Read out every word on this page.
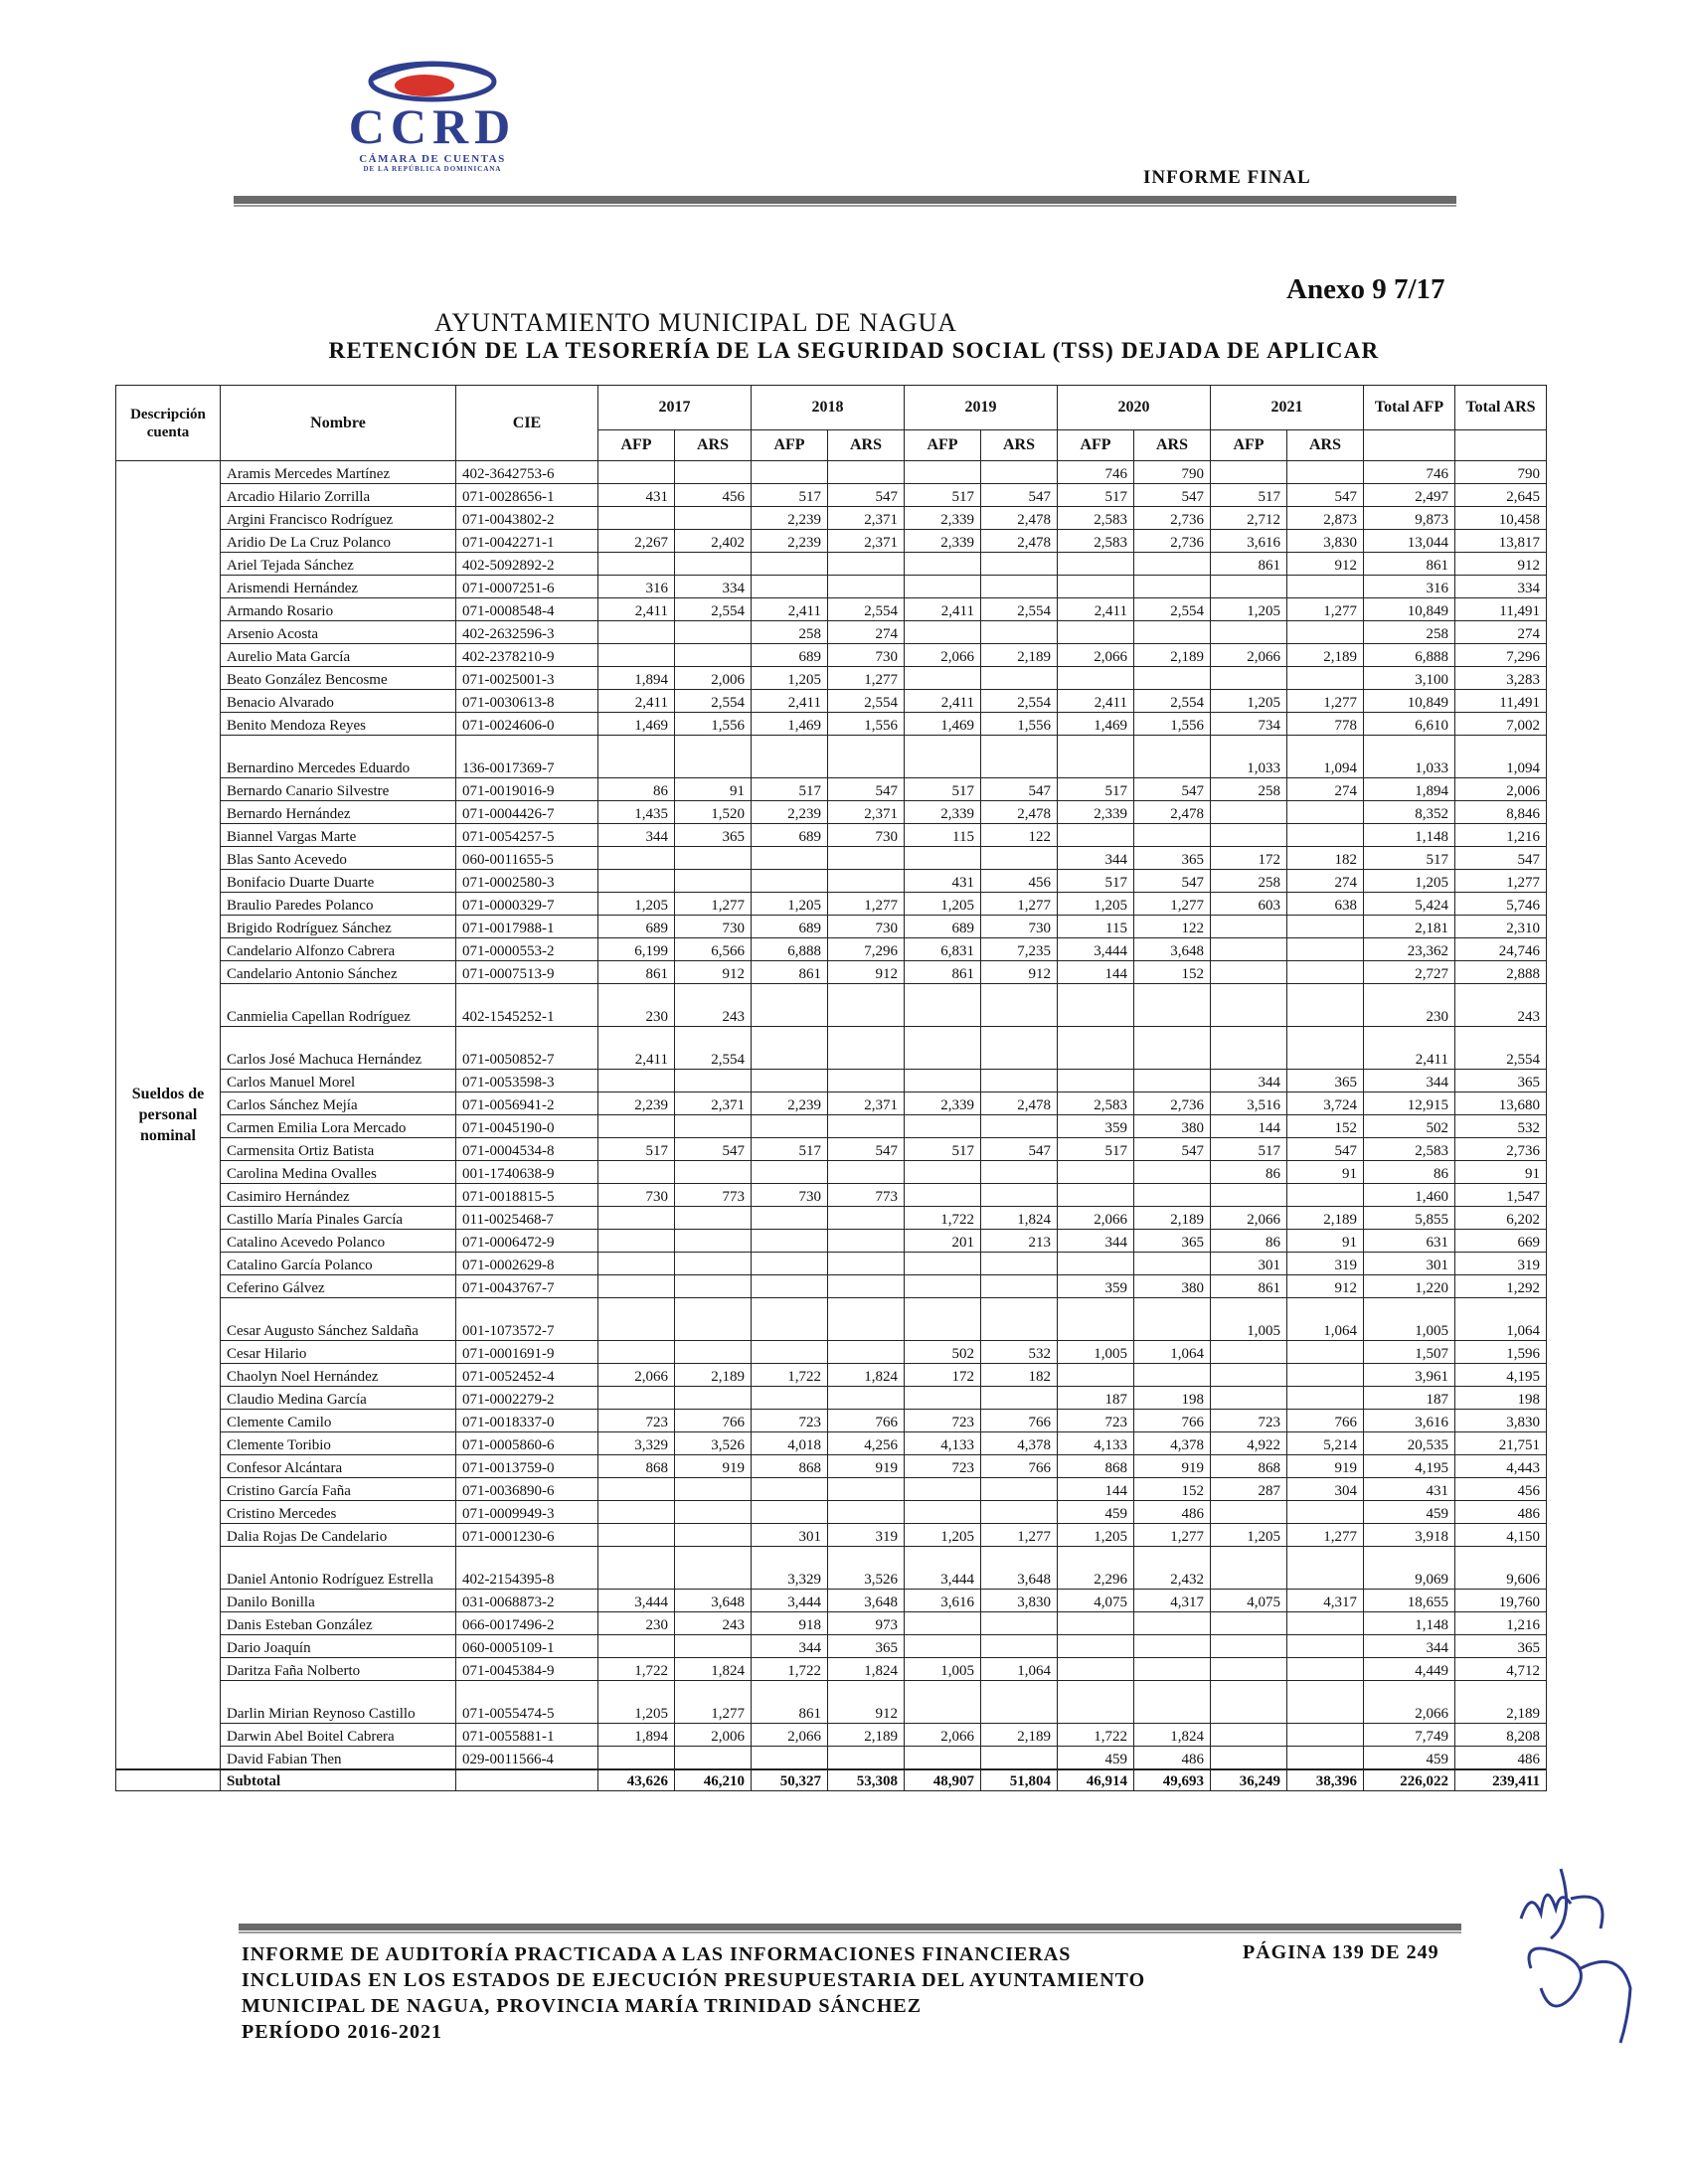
CCRD
CÁMARA DE CUENTAS
DE LA REPÚBLICA DOMINICANA	INFORME FINAL
Anexo 9 7/17
AYUNTAMIENTO MUNICIPAL DE NAGUA
RETENCIÓN DE LA TESORERÍA DE LA SEGURIDAD SOCIAL (TSS) DEJADA DE APLICAR
Descripción cuenta	Nombre	CIE	2017		2018		2019		2020		2021		Total AFP	Total ARS
			AFP	ARS	AFP	ARS	AFP	ARS	AFP	ARS	AFP	ARS		
Sueldos de personal nominal	Aramis Mercedes Martínez	402-3642753-6							746	790			746	790
	Arcadio Hilario Zorrilla	071-0028656-1	431	456	517	547	517	547	517	547	517	547	2,497	2,645
	Argini Francisco Rodríguez	071-0043802-2			2,239	2,371	2,339	2,478	2,583	2,736	2,712	2,873	9,873	10,458
	Aridio De La Cruz Polanco	071-0042271-1	2,267	2,402	2,239	2,371	2,339	2,478	2,583	2,736	3,616	3,830	13,044	13,817
	Ariel Tejada Sánchez	402-5092892-2									861	912	861	912
	Arismendi Hernández	071-0007251-6	316	334									316	334
	Armando Rosario	071-0008548-4	2,411	2,554	2,411	2,554	2,411	2,554	2,411	2,554	1,205	1,277	10,849	11,491
	Arsenio Acosta	402-2632596-3			258	274							258	274
	Aurelio Mata García	402-2378210-9			689	730	2,066	2,189	2,066	2,189	2,066	2,189	6,888	7,296
	Beato González Bencosme	071-0025001-3	1,894	2,006	1,205	1,277							3,100	3,283
	Benacio Alvarado	071-0030613-8	2,411	2,554	2,411	2,554	2,411	2,554	2,411	2,554	1,205	1,277	10,849	11,491
	Benito Mendoza Reyes	071-0024606-0	1,469	1,556	1,469	1,556	1,469	1,556	1,469	1,556	734	778	6,610	7,002
	Bernardino Mercedes Eduardo	136-0017369-7									1,033	1,094	1,033	1,094
	Bernardo Canario Silvestre	071-0019016-9	86	91	517	547	517	547	517	547	258	274	1,894	2,006
	Bernardo Hernández	071-0004426-7	1,435	1,520	2,239	2,371	2,339	2,478	2,339	2,478			8,352	8,846
	Biannel Vargas Marte	071-0054257-5	344	365	689	730	115	122					1,148	1,216
	Blas Santo Acevedo	060-0011655-5							344	365	172	182	517	547
	Bonifacio Duarte Duarte	071-0002580-3					431	456	517	547	258	274	1,205	1,277
	Braulio Paredes Polanco	071-0000329-7	1,205	1,277	1,205	1,277	1,205	1,277	1,205	1,277	603	638	5,424	5,746
	Brigido Rodríguez Sánchez	071-0017988-1	689	730	689	730	689	730	115	122			2,181	2,310
	Candelario Alfonzo Cabrera	071-0000553-2	6,199	6,566	6,888	7,296	6,831	7,235	3,444	3,648			23,362	24,746
	Candelario Antonio Sánchez	071-0007513-9	861	912	861	912	861	912	144	152			2,727	2,888
	Canmielia Capellan Rodríguez	402-1545252-1	230	243									230	243
	Carlos José Machuca Hernández	071-0050852-7	2,411	2,554									2,411	2,554
	Carlos Manuel Morel	071-0053598-3									344	365	344	365
	Carlos Sánchez Mejía	071-0056941-2	2,239	2,371	2,239	2,371	2,339	2,478	2,583	2,736	3,516	3,724	12,915	13,680
	Carmen Emilia Lora Mercado	071-0045190-0							359	380	144	152	502	532
	Carmensita Ortiz Batista	071-0004534-8	517	547	517	547	517	547	517	547	517	547	2,583	2,736
	Carolina Medina Ovalles	001-1740638-9									86	91	86	91
	Casimiro Hernández	071-0018815-5	730	773	730	773							1,460	1,547
	Castillo María Pinales García	011-0025468-7					1,722	1,824	2,066	2,189	2,066	2,189	5,855	6,202
	Catalino Acevedo Polanco	071-0006472-9					201	213	344	365	86	91	631	669
	Catalino García Polanco	071-0002629-8									301	319	301	319
	Ceferino Gálvez	071-0043767-7							359	380	861	912	1,220	1,292
	Cesar Augusto Sánchez Saldaña	001-1073572-7									1,005	1,064	1,005	1,064
	Cesar Hilario	071-0001691-9					502	532	1,005	1,064			1,507	1,596
	Chaolyn Noel Hernández	071-0052452-4	2,066	2,189	1,722	1,824	172	182					3,961	4,195
	Claudio Medina García	071-0002279-2							187	198			187	198
	Clemente Camilo	071-0018337-0	723	766	723	766	723	766	723	766	723	766	3,616	3,830
	Clemente Toribio	071-0005860-6	3,329	3,526	4,018	4,256	4,133	4,378	4,133	4,378	4,922	5,214	20,535	21,751
	Confesor Alcántara	071-0013759-0	868	919	868	919	723	766	868	919	868	919	4,195	4,443
	Cristino García Faña	071-0036890-6							144	152	287	304	431	456
	Cristino Mercedes	071-0009949-3							459	486			459	486
	Dalia Rojas De Candelario	071-0001230-6			301	319	1,205	1,277	1,205	1,277	1,205	1,277	3,918	4,150
	Daniel Antonio Rodríguez Estrella	402-2154395-8			3,329	3,526	3,444	3,648	2,296	2,432			9,069	9,606
	Danilo Bonilla	031-0068873-2	3,444	3,648	3,444	3,648	3,616	3,830	4,075	4,317	4,075	4,317	18,655	19,760
	Danis Esteban González	066-0017496-2	230	243	918	973							1,148	1,216
	Dario Joaquín	060-0005109-1			344	365							344	365
	Daritza Faña Nolberto	071-0045384-9	1,722	1,824	1,722	1,824	1,005	1,064					4,449	4,712
	Darlin Mirian Reynoso Castillo	071-0055474-5	1,205	1,277	861	912							2,066	2,189
	Darwin Abel Boitel Cabrera	071-0055881-1	1,894	2,006	2,066	2,189	2,066	2,189	1,722	1,824			7,749	8,208
	David Fabian Then	029-0011566-4							459	486			459	486
	Subtotal		43,626	46,210	50,327	53,308	48,907	51,804	46,914	49,693	36,249	38,396	226,022	239,411
INFORME DE AUDITORÍA PRACTICADA A LAS INFORMACIONES FINANCIERAS
INCLUIDAS EN LOS ESTADOS DE EJECUCIÓN PRESUPUESTARIA DEL AYUNTAMIENTO
MUNICIPAL DE NAGUA, PROVINCIA MARÍA TRINIDAD SÁNCHEZ
PERÍODO 2016-2021
PÁGINA 139 DE 249
